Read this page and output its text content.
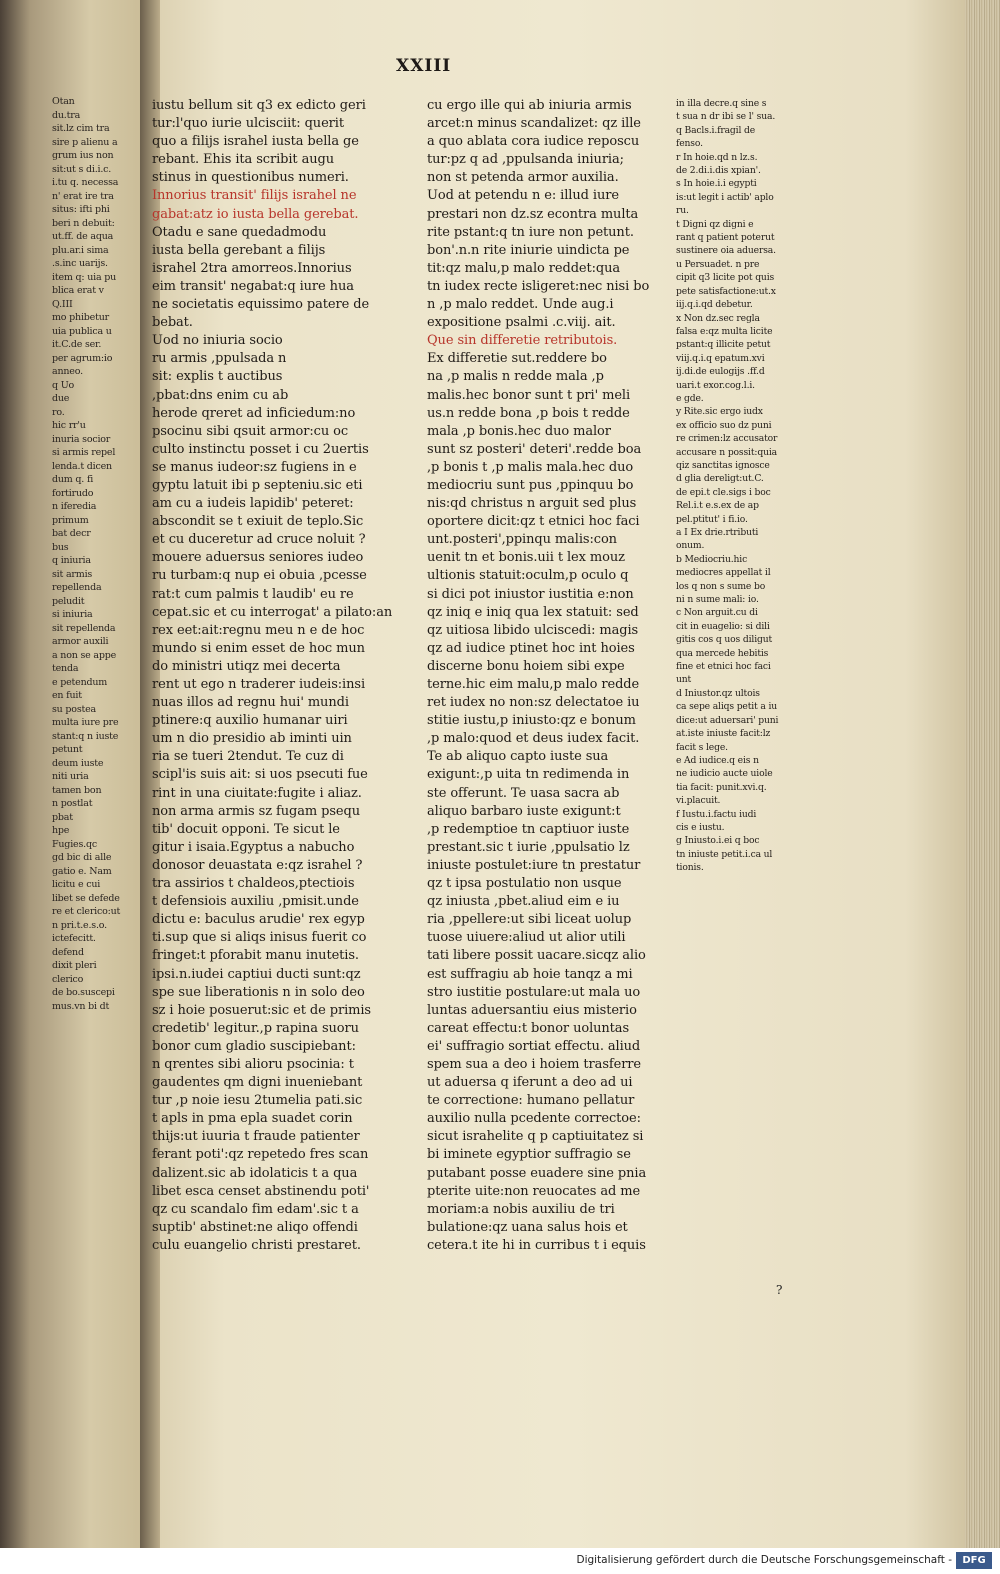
Otan
du.tra
sit.lz cim tra
sire p alienu a
grum ius non
sit:ut s di.i.c.
i.tu q. necessa
n' erat ire tra
situs: ifti phi
beri n debuit:
ut.ff. de aqua
plu.ar.i sima
.s.inc uarijs.
item q: uia pu
blica erat v
Q.III
mo phibetur
uia publica u
it.C.de ser.
per agrum:io
anneo.
q Uo
due
ro.
hic rr'u
inuria socior
si armis repel
lenda.t dicen
dum q. fi
fortirudo
n iferedia
primum
bat decr
bus
q iniuria
sit armis
repellenda
peludit
si iniuria
sit repellenda
armor auxili
a non se appe
tenda
e petendum
en fuit
su postea
multa iure pre
stant:q n iuste
petunt
deum iuste
niti uria
tamen bon
n postlat
pbat
hpe
Fugies.qc
gd bic di alle
gatio e. Nam
licitu e cui
libet se defede
re et clerico:ut
n pri.t.e.s.o.
ictefecitt.
defend
dixit pleri
clerico
de bo.suscepi
mus.vn bi dt
XXIII
iustu bellum sit q3 ex edicto geri
tur:l'quo iurie ulcisciit: querit
quo a filijs israhel iusta bella ge
rebant. Ehis ita scribit augu
stinus in questionibus numeri.
Innorius transit' filijs israhel ne
gabat:atz io iusta bella gerebat.
Otadu e sane quedadmodu
iusta bella gerebant a filijs
israhel 2tra amorreos.Innorius
eim transit' negabat:q iure hua
ne societatis equissimo patere de
bebat.
Uod no iniuria socio
ru armis ,ppulsada n
sit: explis t auctibus
,pbat:dns enim cu ab
herode qreret ad inficiedum:no
psocinu sibi qsuit armor:cu oc
culto instinctu posset i cu 2uertis
se manus iudeor:sz fugiens in e
gyptu latuit ibi p septeniu.sic eti
am cu a iudeis lapidib' peteret:
abscondit se t exiuit de teplo.Sic
et cu duceretur ad cruce noluit ?
mouere aduersus seniores iudeo
ru turbam:q nup ei obuia ,pcesse
rat:t cum palmis t laudib' eu re
cepat.sic et cu interrogat' a pilato:an
rex eet:ait:regnu meu n e de hoc
mundo si enim esset de hoc mun
do ministri utiqz mei decerta
rent ut ego n traderer iudeis:insi
nuas illos ad regnu hui' mundi
ptinere:q auxilio humanar uiri
um n dio presidio ab iminti uin
ria se tueri 2tendut. Te cuz di
scipl'is suis ait: si uos psecuti fue
rint in una ciuitate:fugite i aliaz.
non arma armis sz fugam psequ
tib' docuit opponi. Te sicut le
gitur i isaia.Egyptus a nabucho
donosor deuastata e:qz israhel ?
tra assirios t chaldeos,ptectiois
t defensiois auxiliu ,pmisit.unde
dictu e: baculus arudie' rex egyp
ti.sup que si aliqs inisus fuerit co
fringet:t pforabit manu inutetis.
ipsi.n.iudei captiui ducti sunt:qz
spe sue liberationis n in solo deo
sz i hoie posuerut:sic et de primis
credetib' legitur.,p rapina suoru
bonor cum gladio suscipiebant:
n qrentes sibi alioru psocinia: t
gaudentes qm digni inueniebant
tur ,p noie iesu 2tumelia pati.sic
t apls in pma epla suadet corin
thijs:ut iuuria t fraude patienter
ferant poti':qz repetedo fres scan
dalizent.sic ab idolaticis t a qua
libet esca censet abstinendu poti'
qz cu scandalo fim edam'.sic t a
suptib' abstinet:ne aliqo offendi
culu euangelio christi prestaret.
cu ergo ille qui ab iniuria armis
arcet:n minus scandalizet: qz ille
a quo ablata cora iudice reposcu
tur:pz q ad ,ppulsanda iniuria;
non st petenda armor auxilia.
Uod at petendu n e: illud iure
prestari non dz.sz econtra multa
rite pstant:q tn iure non petunt.
bon'.n.n rite iniurie uindicta pe
tit:qz malu,p malo reddet:qua
tn iudex recte isligeret:nec nisi bo
n ,p malo reddet. Unde aug.i
expositione psalmi .c.viij. ait.
Que sin differetie retributois.
Ex differetie sut.reddere bo
na ,p malis n redde mala ,p
malis.hec bonor sunt t pri' meli
us.n redde bona ,p bois t redde
mala ,p bonis.hec duo malor
sunt sz posteri' deteri'.redde boa
,p bonis t ,p malis mala.hec duo
mediocriu sunt pus ,ppinquu bo
nis:qd christus n arguit sed plus
oportere dicit:qz t etnici hoc faci
unt.posteri',ppinqu malis:con
uenit tn et bonis.uii t lex mouz
ultionis statuit:oculm,p oculo q
si dici pot iniustor iustitia e:non
qz iniq e iniq qua lex statuit: sed
qz uitiosa libido ulciscedi: magis
qz ad iudice ptinet hoc int hoies
discerne bonu hoiem sibi expe
terne.hic eim malu,p malo redde
ret iudex no non:sz delectatoe iu
stitie iustu,p iniusto:qz e bonum
,p malo:quod et deus iudex facit.
Te ab aliquo capto iuste sua
exigunt:,p uita tn redimenda in
ste offerunt. Te uasa sacra ab
aliquo barbaro iuste exigunt:t
,p redemptioe tn captiuor iuste
prestant.sic t iurie ,ppulsatio lz
iniuste postulet:iure tn prestatur
qz t ipsa postulatio non usque
qz iniusta ,pbet.aliud eim e iu
ria ,ppellere:ut sibi liceat uolup
tuose uiuere:aliud ut alior utili
tati libere possit uacare.sicqz alio
est suffragiu ab hoie tanqz a mi
stro iustitie postulare:ut mala uo
luntas aduersantiu eius misterio
careat effectu:t bonor uoluntas
ei' suffragio sortiat effectu. aliud
spem sua a deo i hoiem trasferre
ut aduersa q iferunt a deo ad ui
te correctione: humano pellatur
auxilio nulla pcedente correctoe:
sicut israhelite q p captiuitatez si
bi iminete egyptior suffragio se
putabant posse euadere sine pnia
pterite uite:non reuocates ad me
moriam:a nobis auxiliu de tri
bulatione:qz uana salus hois et
cetera.t ite hi in curribus t i equis
in illa decre.q sine s
t sua n dr ibi se l' sua.
q Bacls.i.fragil de
fenso.
r In hoie.qd n lz.s.
de 2.di.i.dis xpian'.
s In hoie.i.i egypti
is:ut legit i actib' aplo
ru.
t Digni qz digni e
rant q patient poterut
sustinere oia aduersa.
u Persuadet. n pre
cipit q3 licite pot quis
pete satisfactione:ut.x
iij.q.i.qd debetur.
x Non dz.sec regla
falsa e:qz multa licite
pstant:q illicite petut
viij.q.i.q epatum.xvi
ij.di.de eulogijs .ff.d
uari.t exor.cog.l.i.
e gde.
y Rite.sic ergo iudx
ex officio suo dz puni
re crimen:lz accusator
accusare n possit:quia
qiz sanctitas ignosce
d glia dereligt:ut.C.
de epi.t cle.sigs i boc
Rel.i.t e.s.ex de ap
pel.ptitut' i fi.io.
a I Ex drie.rtributi
onum.
b Mediocriu.hic
mediocres appellat il
los q non s sume bo
ni n sume mali: io.
c Non arguit.cu di
cit in euagelio: si dili
gitis cos q uos diligut
qua mercede hebitis
fine et etnici hoc faci
unt
d Iniustor.qz ultois
ca sepe aliqs petit a iu
dice:ut aduersari' puni
at.iste iniuste facit:lz
facit s lege.
e Ad iudice.q eis n
ne iudicio aucte uiole
tia facit: punit.xvi.q.
vi.placuit.
f Iustu.i.factu iudi
cis e iustu.
g Iniusto.i.ei q boc
tn iniuste petit.i.ca ul
tionis.
?
Digitalisierung gefördert durch die Deutsche Forschungsgemeinschaft -	DFG
